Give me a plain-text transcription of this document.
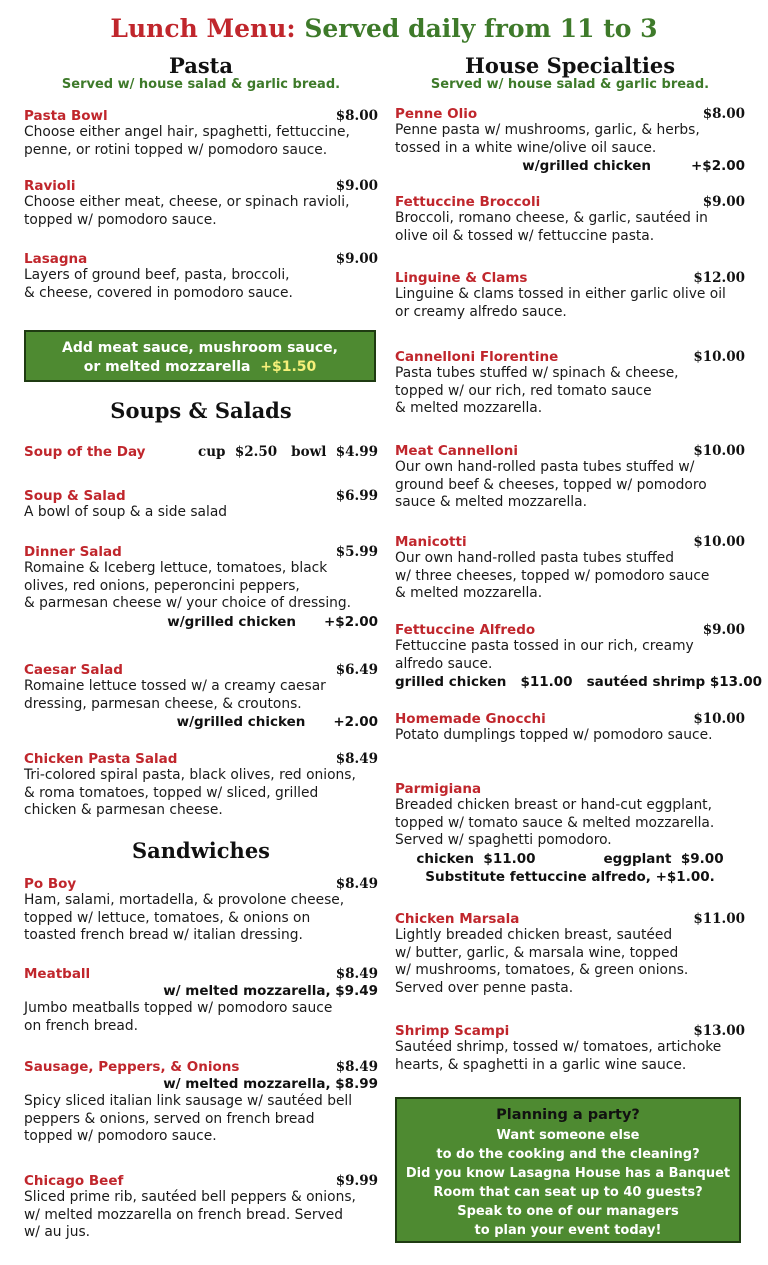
Lunch Menu: Served daily from 11 to 3
Pasta
Served w/ house salad & garlic bread.
Pasta Bowl	$8.00
Choose either angel hair, spaghetti, fettuccine,
penne, or rotini topped w/ pomodoro sauce.
Ravioli	$9.00
Choose either meat, cheese, or spinach ravioli,
topped w/ pomodoro sauce.
Lasagna	$9.00
Layers of ground beef, pasta, broccoli,
& cheese, covered in pomodoro sauce.
Add meat sauce, mushroom sauce,
or melted mozzarella +$1.50
Soups & Salads
Soup of the Day	cup  $2.50 bowl  $4.99
Soup & Salad	$6.99
A bowl of soup & a side salad
Dinner Salad	$5.99
Romaine & Iceberg lettuce, tomatoes, black
olives, red onions, peperoncini peppers,
& parmesan cheese w/ your choice of dressing.
w/grilled chicken +$2.00
Caesar Salad	$6.49
Romaine lettuce tossed w/ a creamy caesar
dressing, parmesan cheese, & croutons.
w/grilled chicken +2.00
Chicken Pasta Salad	$8.49
Tri-colored spiral pasta, black olives, red onions,
& roma tomatoes, topped w/ sliced, grilled
chicken & parmesan cheese.
Sandwiches
Po Boy	$8.49
Ham, salami, mortadella, & provolone cheese,
topped w/ lettuce, tomatoes, & onions on
toasted french bread w/ italian dressing.
Meatball	$8.49
w/ melted mozzarella, $9.49
Jumbo meatballs topped w/ pomodoro sauce
on french bread.
Sausage, Peppers, & Onions	$8.49
w/ melted mozzarella, $8.99
Spicy sliced italian link sausage w/ sautéed bell
peppers & onions, served on french bread
topped w/ pomodoro sauce.
Chicago Beef	$9.99
Sliced prime rib, sautéed bell peppers & onions,
w/ melted mozzarella on french bread. Served
w/ au jus.
House Specialties
Served w/ house salad & garlic bread.
Penne Olio	$8.00
Penne pasta w/ mushrooms, garlic, & herbs,
tossed in a white wine/olive oil sauce.
w/grilled chicken	+$2.00
Fettuccine Broccoli	$9.00
Broccoli, romano cheese, & garlic, sautéed in
olive oil & tossed w/ fettuccine pasta.
Linguine & Clams	$12.00
Linguine & clams tossed in either garlic olive oil
or creamy alfredo sauce.
Cannelloni Florentine	$10.00
Pasta tubes stuffed w/ spinach & cheese,
topped w/ our rich, red tomato sauce
& melted mozzarella.
Meat Cannelloni	$10.00
Our own hand-rolled pasta tubes stuffed w/
ground beef & cheeses, topped w/ pomodoro
sauce & melted mozzarella.
Manicotti	$10.00
Our own hand-rolled pasta tubes stuffed
w/ three cheeses, topped w/ pomodoro sauce
& melted mozzarella.
Fettuccine Alfredo	$9.00
Fettuccine pasta tossed in our rich, creamy
alfredo sauce.
grilled chicken   $11.00   sautéed shrimp $13.00
Homemade Gnocchi	$10.00
Potato dumplings topped w/ pomodoro sauce.
Parmigiana
Breaded chicken breast or hand-cut eggplant,
topped w/ tomato sauce & melted mozzarella.
Served w/ spaghetti pomodoro.
chicken  $11.00	eggplant  $9.00
Substitute fettuccine alfredo, +$1.00.
Chicken Marsala	$11.00
Lightly breaded chicken breast, sautéed
w/ butter, garlic, & marsala wine, topped
w/ mushrooms, tomatoes, & green onions.
Served over penne pasta.
Shrimp Scampi	$13.00
Sautéed shrimp, tossed w/ tomatoes, artichoke
hearts, & spaghetti in a garlic wine sauce.
Planning a party?
Want someone else
to do the cooking and the cleaning?
Did you know Lasagna House has a Banquet
Room that can seat up to 40 guests?
Speak to one of our managers
to plan your event today!
